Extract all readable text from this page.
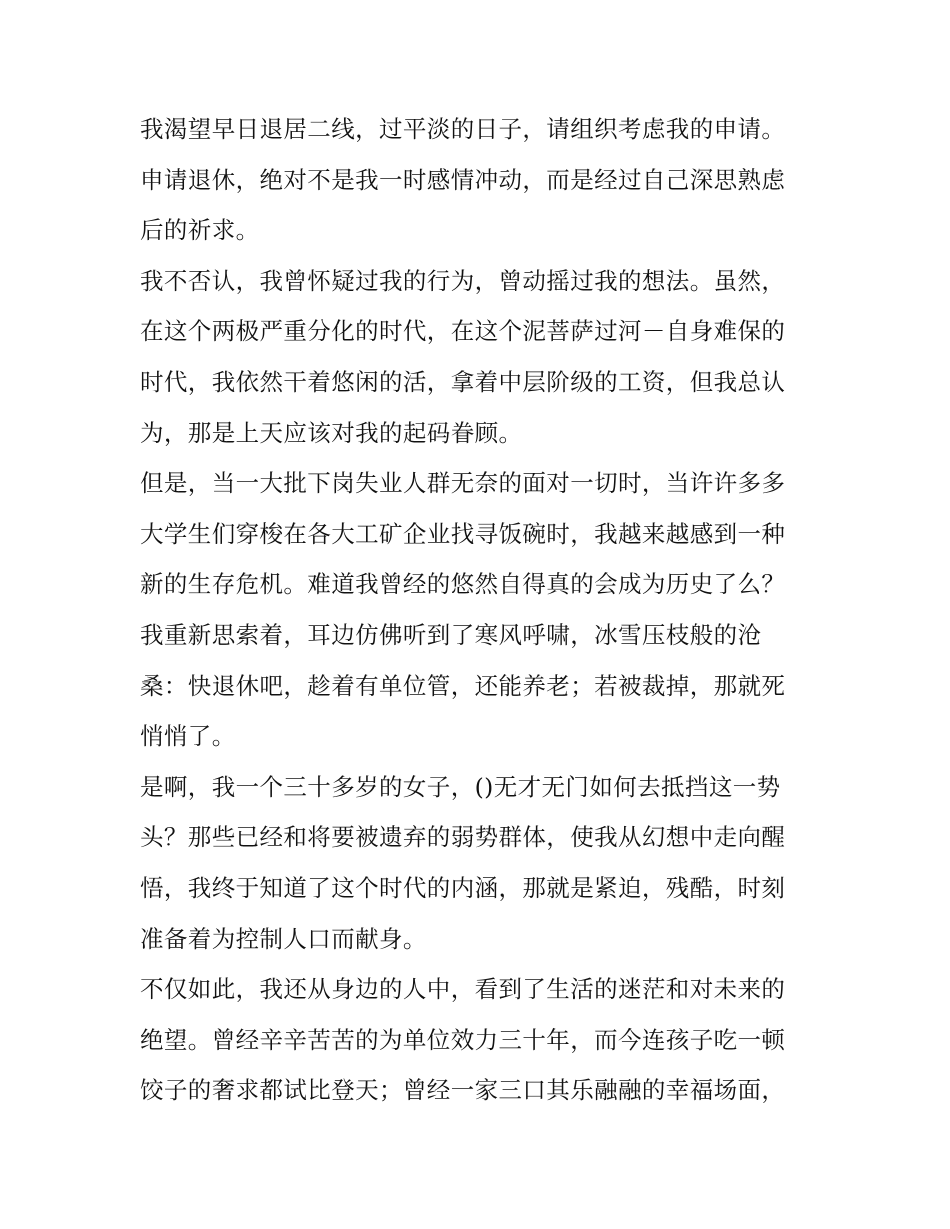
我渴望早日退居二线，过平淡的日子，请组织考虑我的申请。
申请退休，绝对不是我一时感情冲动，而是经过自己深思熟虑
后的祈求。
我不否认，我曾怀疑过我的行为，曾动摇过我的想法。虽然，
在这个两极严重分化的时代，在这个泥菩萨过河－自身难保的
时代，我依然干着悠闲的活，拿着中层阶级的工资，但我总认
为，那是上天应该对我的起码眷顾。
但是，当一大批下岗失业人群无奈的面对一切时，当许许多多
大学生们穿梭在各大工矿企业找寻饭碗时，我越来越感到一种
新的生存危机。难道我曾经的悠然自得真的会成为历史了么？
我重新思索着，耳边仿佛听到了寒风呼啸，冰雪压枝般的沧
桑：快退休吧，趁着有单位管，还能养老；若被裁掉，那就死
悄悄了。
是啊，我一个三十多岁的女子，()无才无门如何去抵挡这一势
头？那些已经和将要被遗弃的弱势群体，使我从幻想中走向醒
悟，我终于知道了这个时代的内涵，那就是紧迫，残酷，时刻
准备着为控制人口而献身。
不仅如此，我还从身边的人中，看到了生活的迷茫和对未来的
绝望。曾经辛辛苦苦的为单位效力三十年，而今连孩子吃一顿
饺子的奢求都试比登天；曾经一家三口其乐融融的幸福场面，
